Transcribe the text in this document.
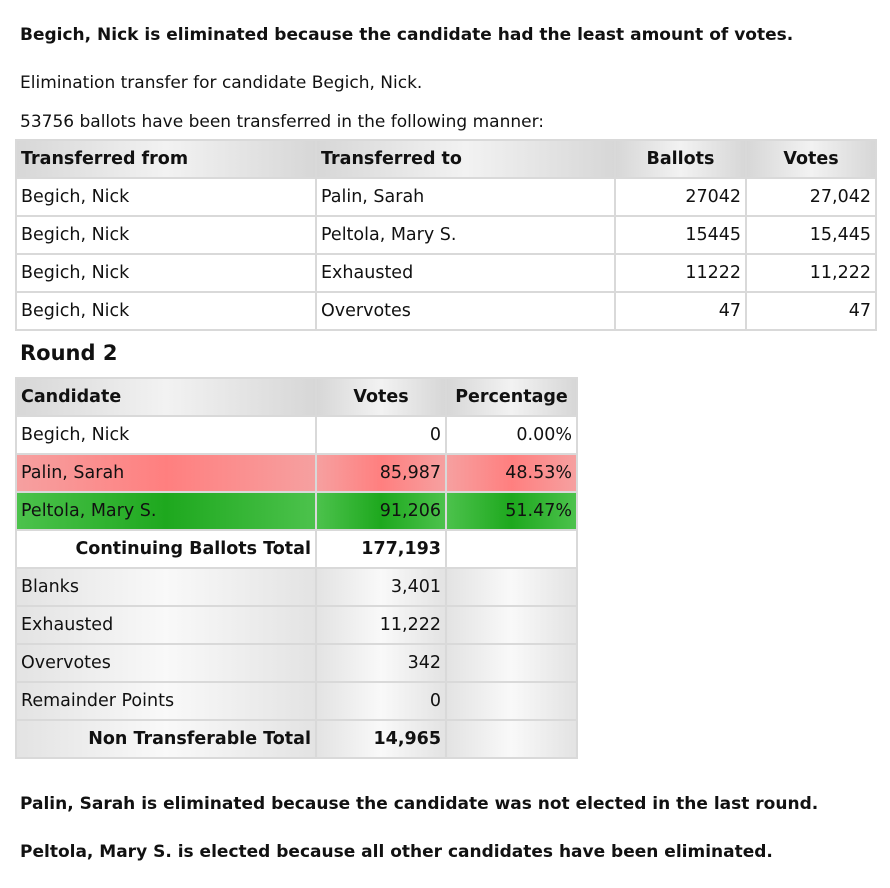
Begich, Nick is eliminated because the candidate had the least amount of votes.
Elimination transfer for candidate Begich, Nick.
53756 ballots have been transferred in the following manner:
Transferred from	Transferred to	Ballots	Votes
Begich, Nick	Palin, Sarah	27042	27,042
Begich, Nick	Peltola, Mary S.	15445	15,445
Begich, Nick	Exhausted	11222	11,222
Begich, Nick	Overvotes	47	47
Round 2
Candidate	Votes	Percentage
Begich, Nick	0	0.00%
Palin, Sarah	85,987	48.53%
Peltola, Mary S.	91,206	51.47%
Continuing Ballots Total	177,193	
Blanks	3,401	
Exhausted	11,222	
Overvotes	342	
Remainder Points	0	
Non Transferable Total	14,965	
Palin, Sarah is eliminated because the candidate was not elected in the last round.
Peltola, Mary S. is elected because all other candidates have been eliminated.
